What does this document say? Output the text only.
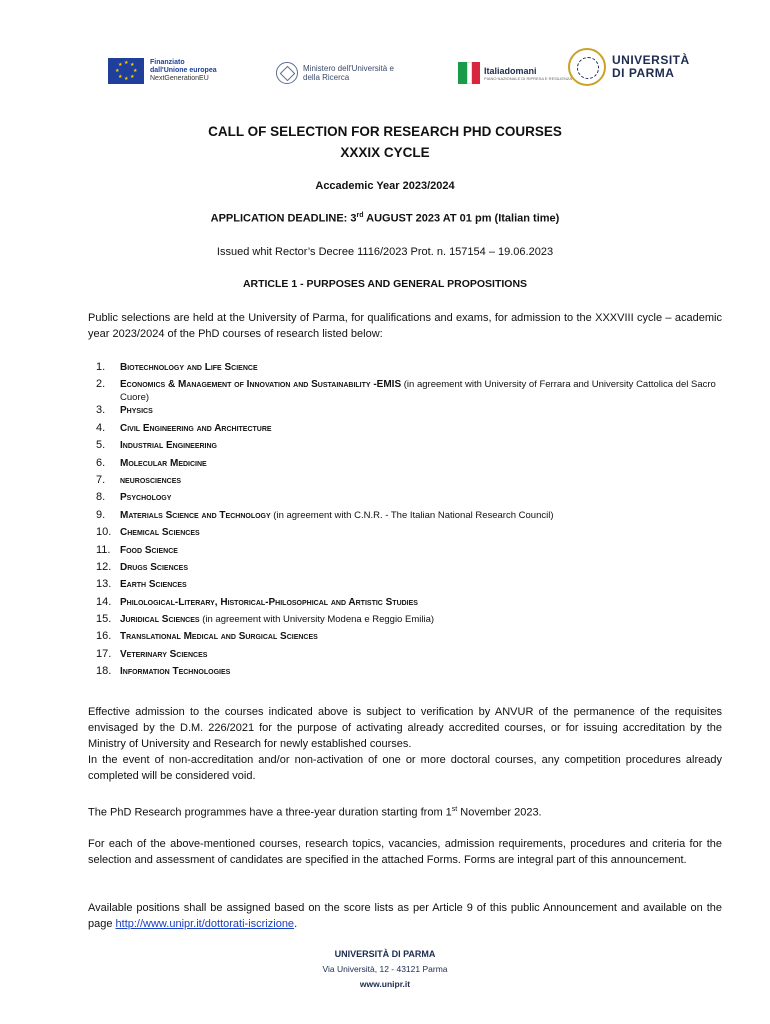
★ ★
★
★
★
★
★
★	Finanziato
dall'Unione europea
NextGenerationEU
Ministero dell'Università e
della Ricerca
Italiadomani
PIANO NAZIONALE DI RIPRESA E RESILIENZA
UNIVERSITÀ
DI PARMA
CALL OF SELECTION FOR RESEARCH PHD COURSES
XXXIX CYCLE
Accademic Year 2023/2024
APPLICATION DEADLINE: 3rd AUGUST 2023 AT 01 pm (Italian time)
Issued whit Rector’s Decree 1116/2023 Prot. n. 157154 – 19.06.2023
ARTICLE 1 - PURPOSES AND GENERAL PROPOSITIONS
Public selections are held at the University of Parma, for qualifications and exams, for admission to the XXXVIII cycle – academic year 2023/2024 of the PhD courses of research listed below:
1.	Biotechnology and Life Science
2.	Economics & Management of Innovation and Sustainability -EMIS (in agreement with University of Ferrara and University Cattolica del Sacro Cuore)
3.	Physics
4.	Civil Engineering and Architecture
5.	Industrial Engineering
6.	Molecular Medicine
7.	neurosciences
8.	Psychology
9.	Materials Science and Technology (in agreement with C.N.R. - The Italian National Research Council)
10. Chemical Sciences
11. Food Science
12. Drugs Sciences
13. Earth Sciences
14. Philological-Literary, Historical-Philosophical and Artistic Studies
15. Juridical Sciences (in agreement with University Modena e Reggio Emilia)
16. Translational Medical and Surgical Sciences
17. Veterinary Sciences
18. Information Technologies
Effective admission to the courses indicated above is subject to verification by ANVUR of the permanence of the requisites envisaged by the D.M. 226/2021 for the purpose of activating already accredited courses, or for issuing accreditation by the Ministry of University and Research for newly established courses.
In the event of non-accreditation and/or non-activation of one or more doctoral courses, any competition procedures already completed will be considered void.
The PhD Research programmes have a three-year duration starting from 1st November 2023.
For each of the above-mentioned courses, research topics, vacancies, admission requirements, procedures and criteria for the selection and assessment of candidates are specified in the attached Forms. Forms are integral part of this announcement.
Available positions shall be assigned based on the score lists as per Article 9 of this public Announcement and available on the page http://www.unipr.it/dottorati-iscrizione.
UNIVERSITÀ DI PARMA
Via Università, 12 - 43121 Parma
www.unipr.it
